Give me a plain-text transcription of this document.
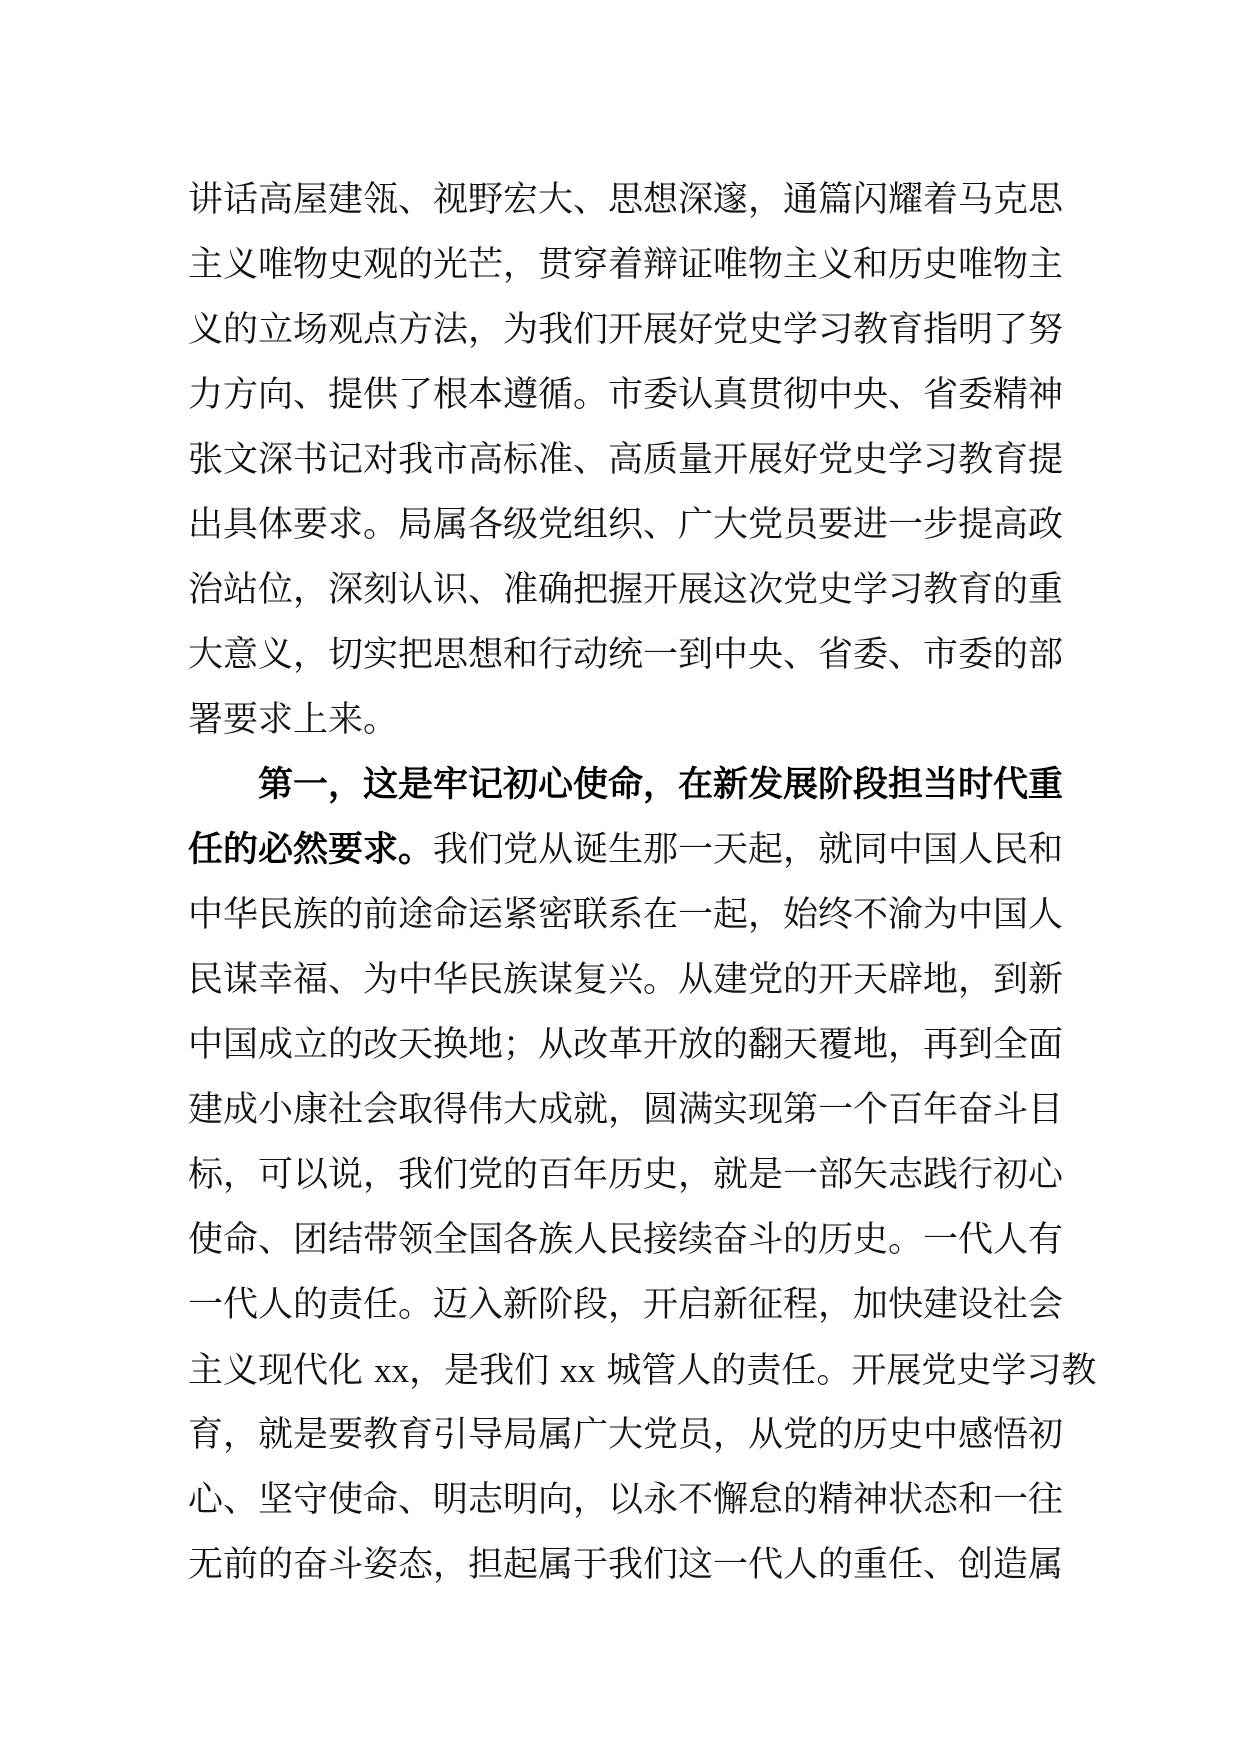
讲话高屋建瓴、视野宏大、思想深邃，通篇闪耀着马克思
主义唯物史观的光芒，贯穿着辩证唯物主义和历史唯物主
义的立场观点方法，为我们开展好党史学习教育指明了努
力方向、提供了根本遵循。市委认真贯彻中央、省委精神
张文深书记对我市高标准、高质量开展好党史学习教育提
出具体要求。局属各级党组织、广大党员要进一步提高政
治站位，深刻认识、准确把握开展这次党史学习教育的重
大意义，切实把思想和行动统一到中央、省委、市委的部
署要求上来。
第一，这是牢记初心使命，在新发展阶段担当时代重
任的必然要求。我们党从诞生那一天起，就同中国人民和
中华民族的前途命运紧密联系在一起，始终不渝为中国人
民谋幸福、为中华民族谋复兴。从建党的开天辟地，到新
中国成立的改天换地；从改革开放的翻天覆地，再到全面
建成小康社会取得伟大成就，圆满实现第一个百年奋斗目
标，可以说，我们党的百年历史，就是一部矢志践行初心
使命、团结带领全国各族人民接续奋斗的历史。一代人有
一代人的责任。迈入新阶段，开启新征程，加快建设社会
主义现代化 xx，是我们 xx 城管人的责任。开展党史学习教
育，就是要教育引导局属广大党员，从党的历史中感悟初
心、坚守使命、明志明向，以永不懈怠的精神状态和一往
无前的奋斗姿态，担起属于我们这一代人的重任、创造属
